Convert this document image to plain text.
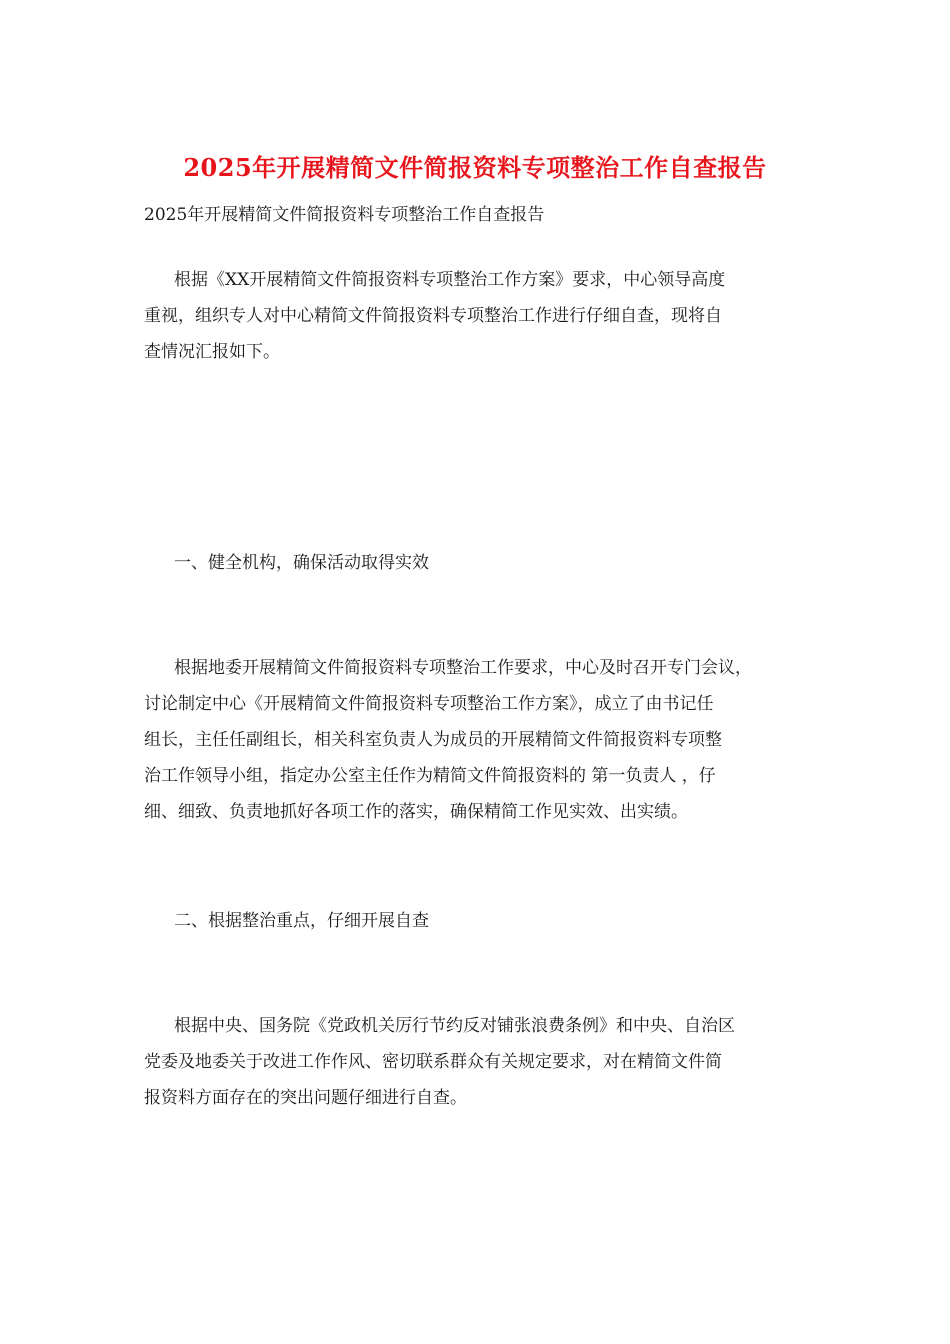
2025年开展精简文件简报资料专项整治工作自查报告
2025年开展精简文件简报资料专项整治工作自查报告
根据《XX开展精简文件简报资料专项整治工作方案》要求，中心领导高度
重视，组织专人对中心精简文件简报资料专项整治工作进行仔细自查，现将自
查情况汇报如下。
一、健全机构，确保活动取得实效
根据地委开展精简文件简报资料专项整治工作要求，中心及时召开专门会议，
讨论制定中心《开展精简文件简报资料专项整治工作方案》，成立了由书记任
组长，主任任副组长，相关科室负责人为成员的开展精简文件简报资料专项整
治工作领导小组，指定办公室主任作为精简文件简报资料的 第一负责人 ，仔
细、细致、负责地抓好各项工作的落实，确保精简工作见实效、出实绩。
二、根据整治重点，仔细开展自查
根据中央、国务院《党政机关厉行节约反对铺张浪费条例》和中央、自治区
党委及地委关于改进工作作风、密切联系群众有关规定要求，对在精简文件简
报资料方面存在的突出问题仔细进行自查。
